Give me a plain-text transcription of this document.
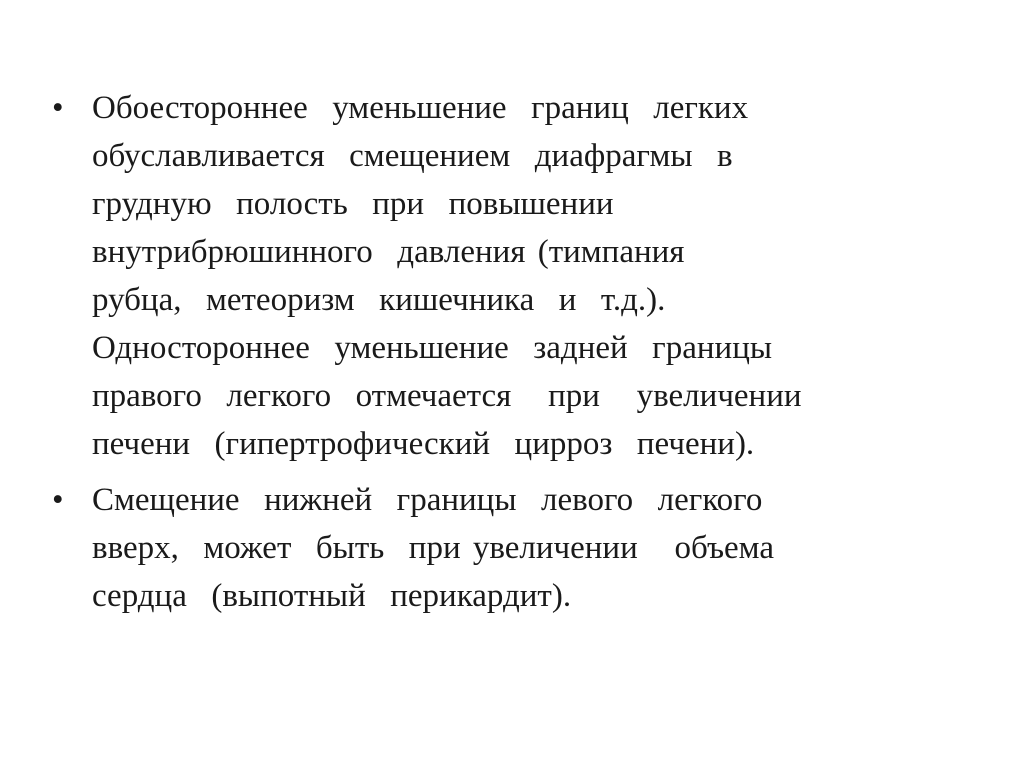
• Обоестороннее  уменьшение  границ  легких
обуславливается  смещением  диафрагмы  в
грудную  полость  при  повышении
внутрибрюшинного  давления (тимпания
рубца,  метеоризм  кишечника  и  т.д.).
Одностороннее  уменьшение  задней  границы
правого  легкого  отмечается   при   увеличении
печени  (гипертрофический  цирроз  печени).
• Смещение  нижней  границы  левого  легкого
вверх,  может  быть  при увеличении   объема
сердца  (выпотный  перикардит).
